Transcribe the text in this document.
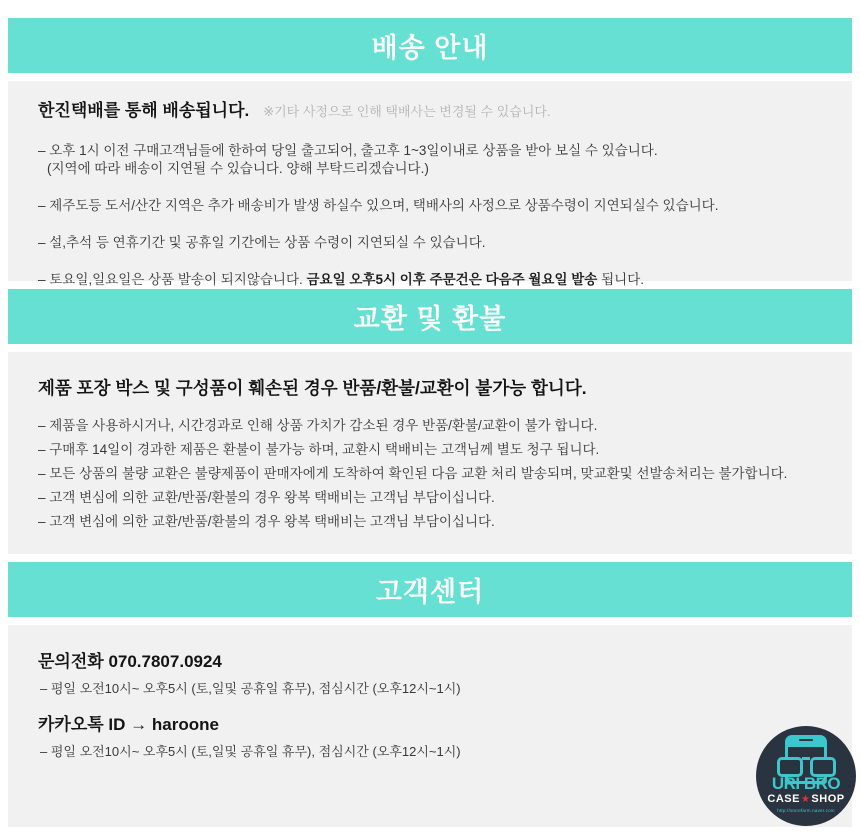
배송 안내

한진택배를 통해 배송됩니다. ※기타 사정으로 인해 택배사는 변경될 수 있습니다.

– 오후 1시 이전 구매고객님들에 한하여 당일 출고되어, 출고후 1~3일이내로 상품을 받아 보실 수 있습니다.
(지역에 따라 배송이 지연될 수 있습니다. 양해 부탁드리겠습니다.)

– 제주도등 도서/산간 지역은 추가 배송비가 발생 하실수 있으며, 택배사의 사정으로 상품수령이 지연되실수 있습니다.

– 설,추석 등 연휴기간 및 공휴일 기간에는 상품 수령이 지연되실 수 있습니다.

– 토요일,일요일은 상품 발송이 되지않습니다. 금요일 오후5시 이후 주문건은 다음주 월요일 발송 됩니다.

교환 및 환불

제품 포장 박스 및 구성품이 훼손된 경우 반품/환불/교환이 불가능 합니다.

– 제품을 사용하시거나, 시간경과로 인해 상품 가치가 감소된 경우 반품/환불/교환이 불가 합니다.

– 구매후 14일이 경과한 제품은 환불이 불가능 하며, 교환시 택배비는 고객님께 별도 청구 됩니다.

– 모든 상품의 불량 교환은 불량제품이 판매자에게 도착하여 확인된 다음 교환 처리 발송되며, 맞교환및 선발송처리는 불가합니다.

– 고객 변심에 의한 교환/반품/환불의 경우 왕복 택배비는 고객님 부담이십니다.

– 고객 변심에 의한 교환/반품/환불의 경우 왕복 택배비는 고객님 부담이십니다.

고객센터

문의전화 070.7807.0924

– 평일 오전10시~ 오후5시 (토,일및 공휴일 휴무), 점심시간 (오후12시~1시)

카카오톡 ID → haroone

– 평일 오전10시~ 오후5시 (토,일및 공휴일 휴무), 점심시간 (오후12시~1시)

URI BRO
CASE★SHOP
http://storefarm.naver.com
